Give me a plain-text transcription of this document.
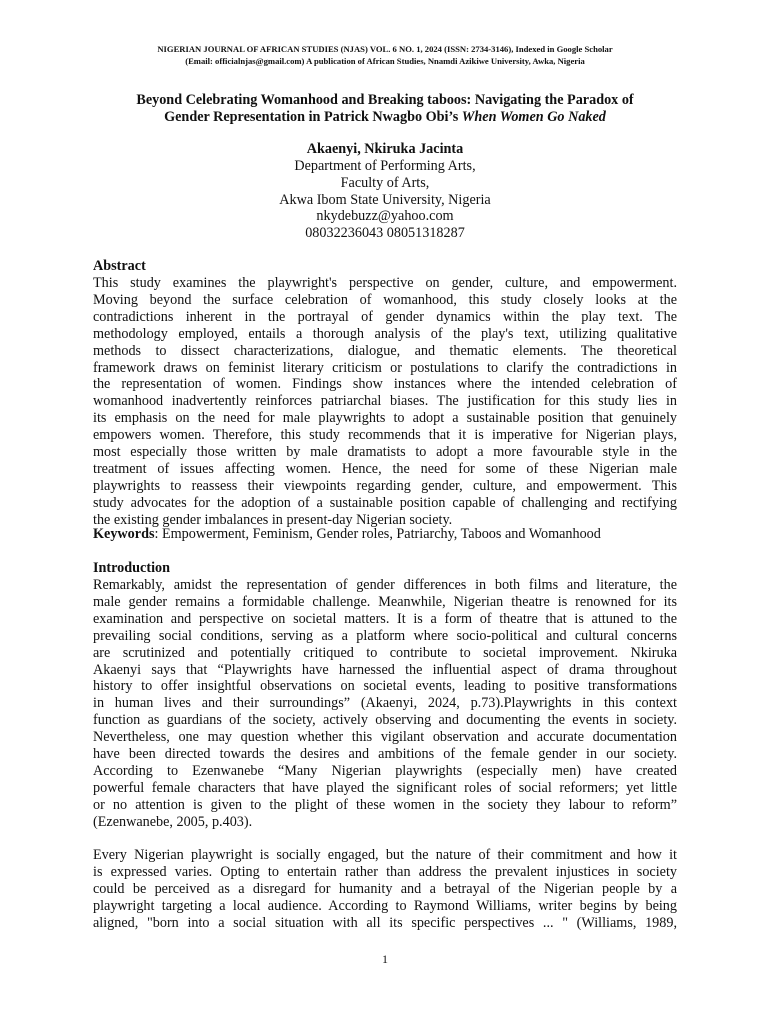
NIGERIAN JOURNAL OF AFRICAN STUDIES (NJAS) VOL. 6 NO. 1, 2024 (ISSN: 2734-3146), Indexed in Google Scholar
(Email: officialnjas@gmail.com) A publication of African Studies, Nnamdi Azikiwe University, Awka, Nigeria
Beyond Celebrating Womanhood and Breaking taboos: Navigating the Paradox of
Gender Representation in Patrick Nwagbo Obi’s When Women Go Naked
Akaenyi, Nkiruka Jacinta
Department of Performing Arts,
Faculty of Arts,
Akwa Ibom State University, Nigeria
nkydebuzz@yahoo.com
08032236043 08051318287
Abstract
This study examines the playwright's perspective on gender, culture, and empowerment.
Moving beyond the surface celebration of womanhood, this study closely looks at the
contradictions inherent in the portrayal of gender dynamics within the play text. The
methodology employed, entails a thorough analysis of the play's text, utilizing qualitative
methods to dissect characterizations, dialogue, and thematic elements. The theoretical
framework draws on feminist literary criticism or postulations to clarify the contradictions in
the representation of women. Findings show instances where the intended celebration of
womanhood inadvertently reinforces patriarchal biases. The justification for this study lies in
its emphasis on the need for male playwrights to adopt a sustainable position that genuinely
empowers women. Therefore, this study recommends that it is imperative for Nigerian plays,
most especially those written by male dramatists to adopt a more favourable style in the
treatment of issues affecting women. Hence, the need for some of these Nigerian male
playwrights to reassess their viewpoints regarding gender, culture, and empowerment. This
study advocates for the adoption of a sustainable position capable of challenging and rectifying
the existing gender imbalances in present-day Nigerian society.
Keywords: Empowerment, Feminism, Gender roles, Patriarchy, Taboos and Womanhood
Introduction
Remarkably, amidst the representation of gender differences in both films and literature, the
male gender remains a formidable challenge. Meanwhile, Nigerian theatre is renowned for its
examination and perspective on societal matters. It is a form of theatre that is attuned to the
prevailing social conditions, serving as a platform where socio-political and cultural concerns
are scrutinized and potentially critiqued to contribute to societal improvement. Nkiruka
Akaenyi says that “Playwrights have harnessed the influential aspect of drama throughout
history to offer insightful observations on societal events, leading to positive transformations
in human lives and their surroundings” (Akaenyi, 2024, p.73).Playwrights in this context
function as guardians of the society, actively observing and documenting the events in society.
Nevertheless, one may question whether this vigilant observation and accurate documentation
have been directed towards the desires and ambitions of the female gender in our society.
According to Ezenwanebe “Many Nigerian playwrights (especially men) have created
powerful female characters that have played the significant roles of social reformers; yet little
or no attention is given to the plight of these women in the society they labour to reform”
(Ezenwanebe, 2005, p.403).
Every Nigerian playwright is socially engaged, but the nature of their commitment and how it
is expressed varies. Opting to entertain rather than address the prevalent injustices in society
could be perceived as a disregard for humanity and a betrayal of the Nigerian people by a
playwright targeting a local audience. According to Raymond Williams, writer begins by being
aligned, "born into a social situation with all its specific perspectives ... " (Williams, 1989,
1
